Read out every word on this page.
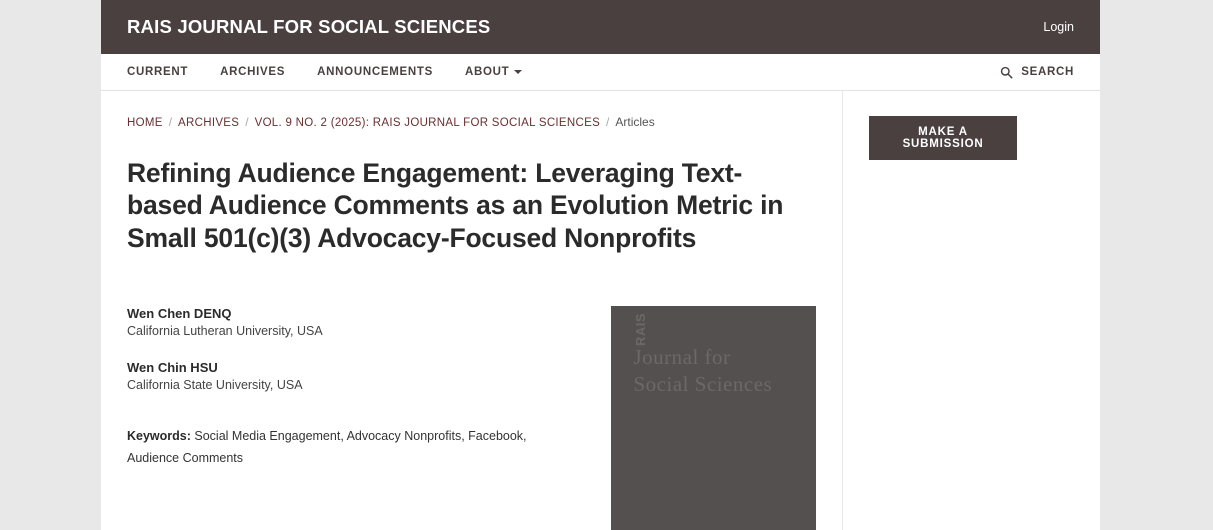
RAIS JOURNAL FOR SOCIAL SCIENCES	Login
CURRENT	ARCHIVES	ANNOUNCEMENTS	ABOUT	SEARCH
HOME / ARCHIVES / VOL. 9 NO. 2 (2025): RAIS JOURNAL FOR SOCIAL SCIENCES / Articles
Refining Audience Engagement: Leveraging Text-based Audience Comments as an Evolution Metric in Small 501(c)(3) Advocacy-Focused Nonprofits
Wen Chen DENQ
California Lutheran University, USA
Wen Chin HSU
California State University, USA
Keywords: Social Media Engagement, Advocacy Nonprofits, Facebook, Audience Comments
RAIS
Journal for
Social Sciences
MAKE A SUBMISSION
